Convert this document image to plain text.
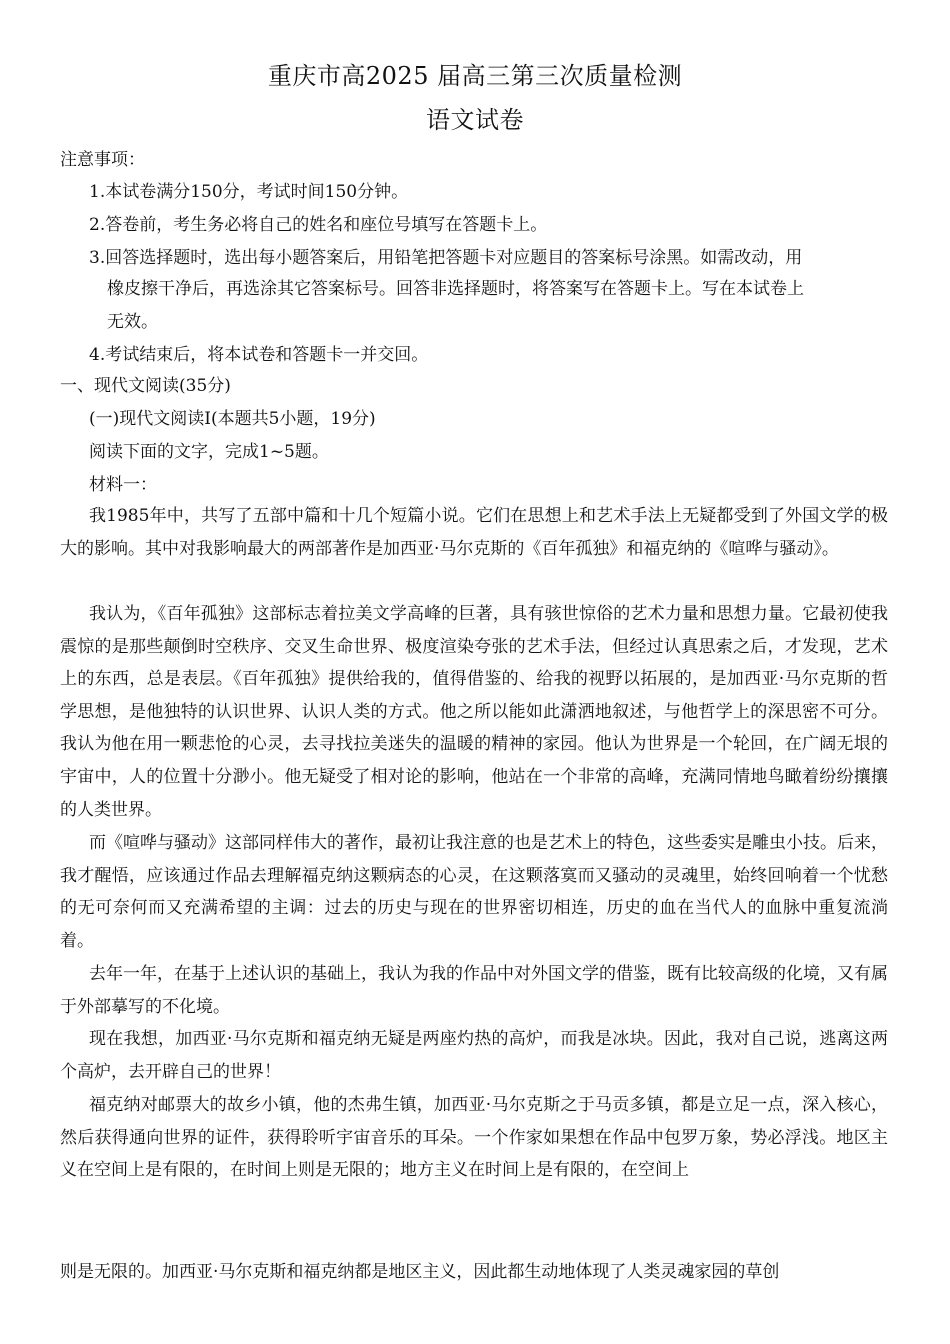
重庆市高2025 届高三第三次质量检测
语文试卷
注意事项：
1.本试卷满分150分，考试时间150分钟。
2.答卷前，考生务必将自己的姓名和座位号填写在答题卡上。
3.回答选择题时，选出每小题答案后，用铅笔把答题卡对应题目的答案标号涂黑。如需改动，用
橡皮擦干净后，再选涂其它答案标号。回答非选择题时，将答案写在答题卡上。写在本试卷上
无效。
4.考试结束后，将本试卷和答题卡一并交回。
一、现代文阅读(35分)
(一)现代文阅读Ⅰ(本题共5小题，19分)
阅读下面的文字，完成1~5题。
材料一：
我1985年中，共写了五部中篇和十几个短篇小说。它们在思想上和艺术手法上无疑都受到了外国文学的极大的影响。其中对我影响最大的两部著作是加西亚·马尔克斯的《百年孤独》和福克纳的《喧哗与骚动》。
我认为，《百年孤独》这部标志着拉美文学高峰的巨著，具有骇世惊俗的艺术力量和思想力量。它最初使我震惊的是那些颠倒时空秩序、交叉生命世界、极度渲染夸张的艺术手法，但经过认真思索之后，才发现，艺术上的东西，总是表层。《百年孤独》提供给我的，值得借鉴的、给我的视野以拓展的，是加西亚·马尔克斯的哲学思想，是他独特的认识世界、认识人类的方式。他之所以能如此潇洒地叙述，与他哲学上的深思密不可分。我认为他在用一颗悲怆的心灵，去寻找拉美迷失的温暖的精神的家园。他认为世界是一个轮回，在广阔无垠的宇宙中，人的位置十分渺小。他无疑受了相对论的影响，他站在一个非常的高峰，充满同情地鸟瞰着纷纷攘攘的人类世界。
而《喧哗与骚动》这部同样伟大的著作，最初让我注意的也是艺术上的特色，这些委实是雕虫小技。后来，我才醒悟，应该通过作品去理解福克纳这颗病态的心灵，在这颗落寞而又骚动的灵魂里，始终回响着一个忧愁的无可奈何而又充满希望的主调：过去的历史与现在的世界密切相连，历史的血在当代人的血脉中重复流淌着。
去年一年，在基于上述认识的基础上，我认为我的作品中对外国文学的借鉴，既有比较高级的化境，又有属于外部摹写的不化境。
现在我想，加西亚·马尔克斯和福克纳无疑是两座灼热的高炉，而我是冰块。因此，我对自己说，逃离这两个高炉，去开辟自己的世界！
福克纳对邮票大的故乡小镇，他的杰弗生镇，加西亚·马尔克斯之于马贡多镇，都是立足一点，深入核心，然后获得通向世界的证件，获得聆听宇宙音乐的耳朵。一个作家如果想在作品中包罗万象，势必浮浅。地区主义在空间上是有限的，在时间上则是无限的；地方主义在时间上是有限的，在空间上
则是无限的。加西亚·马尔克斯和福克纳都是地区主义，因此都生动地体现了人类灵魂家园的草创
